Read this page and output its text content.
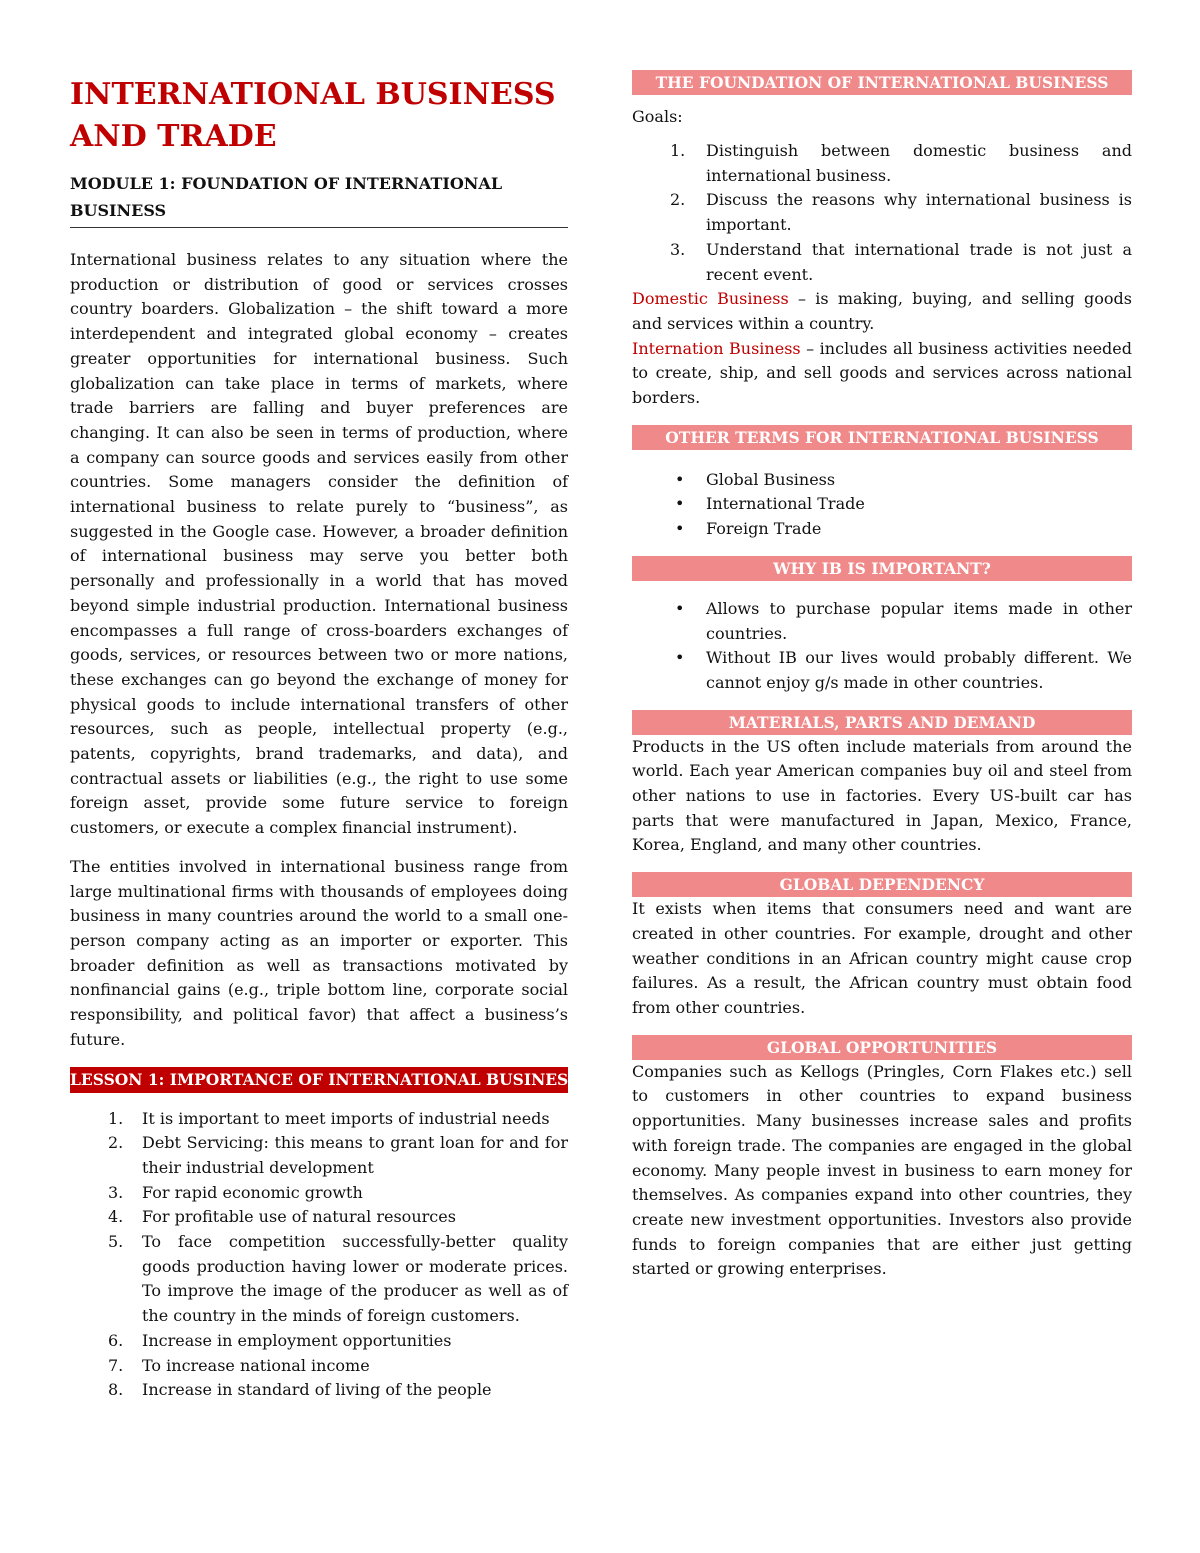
INTERNATIONAL BUSINESS
AND TRADE
MODULE 1: FOUNDATION OF INTERNATIONAL BUSINESS

International business relates to any situation where the production or distribution of good or services crosses country boarders. Globalization – the shift toward a more interdependent and integrated global economy – creates greater opportunities for international business. Such globalization can take place in terms of markets, where trade barriers are falling and buyer preferences are changing. It can also be seen in terms of production, where a company can source goods and services easily from other countries. Some managers consider the definition of international business to relate purely to “business”, as suggested in the Google case. However, a broader definition of international business may serve you better both personally and professionally in a world that has moved beyond simple industrial production. International business encompasses a full range of cross-boarders exchanges of goods, services, or resources between two or more nations, these exchanges can go beyond the exchange of money for physical goods to include international transfers of other resources, such as people, intellectual property (e.g., patents, copyrights, brand trademarks, and data), and contractual assets or liabilities (e.g., the right to use some foreign asset, provide some future service to foreign customers, or execute a complex financial instrument).

The entities involved in international business range from large multinational firms with thousands of employees doing business in many countries around the world to a small one-person company acting as an importer or exporter. This broader definition as well as transactions motivated by nonfinancial gains (e.g., triple bottom line, corporate social responsibility, and political favor) that affect a business’s future.

LESSON 1: IMPORTANCE OF INTERNATIONAL BUSINESS
1. It is important to meet imports of industrial needs
2. Debt Servicing: this means to grant loan for and for their industrial development
3. For rapid economic growth
4. For profitable use of natural resources
5. To face competition successfully-better quality goods production having lower or moderate prices. To improve the image of the producer as well as of the country in the minds of foreign customers.
6. Increase in employment opportunities
7. To increase national income
8. Increase in standard of living of the people
THE FOUNDATION OF INTERNATIONAL BUSINESS
Goals:
1. Distinguish between domestic business and international business.
2. Discuss the reasons why international business is important.
3. Understand that international trade is not just a recent event.

Domestic Business – is making, buying, and selling goods and services within a country.

Internation Business – includes all business activities needed to create, ship, and sell goods and services across national borders.

OTHER TERMS FOR INTERNATIONAL BUSINESS
• Global Business
• International Trade
• Foreign Trade
WHY IB IS IMPORTANT?
• Allows to purchase popular items made in other countries.
• Without IB our lives would probably different. We cannot enjoy g/s made in other countries.
MATERIALS, PARTS AND DEMAND

Products in the US often include materials from around the world. Each year American companies buy oil and steel from other nations to use in factories. Every US-built car has parts that were manufactured in Japan, Mexico, France, Korea, England, and many other countries.

GLOBAL DEPENDENCY

It exists when items that consumers need and want are created in other countries. For example, drought and other weather conditions in an African country might cause crop failures. As a result, the African country must obtain food from other countries.

GLOBAL OPPORTUNITIES

Companies such as Kellogs (Pringles, Corn Flakes etc.) sell to customers in other countries to expand business opportunities. Many businesses increase sales and profits with foreign trade. The companies are engaged in the global economy. Many people invest in business to earn money for themselves. As companies expand into other countries, they create new investment opportunities. Investors also provide funds to foreign companies that are either just getting started or growing enterprises.
